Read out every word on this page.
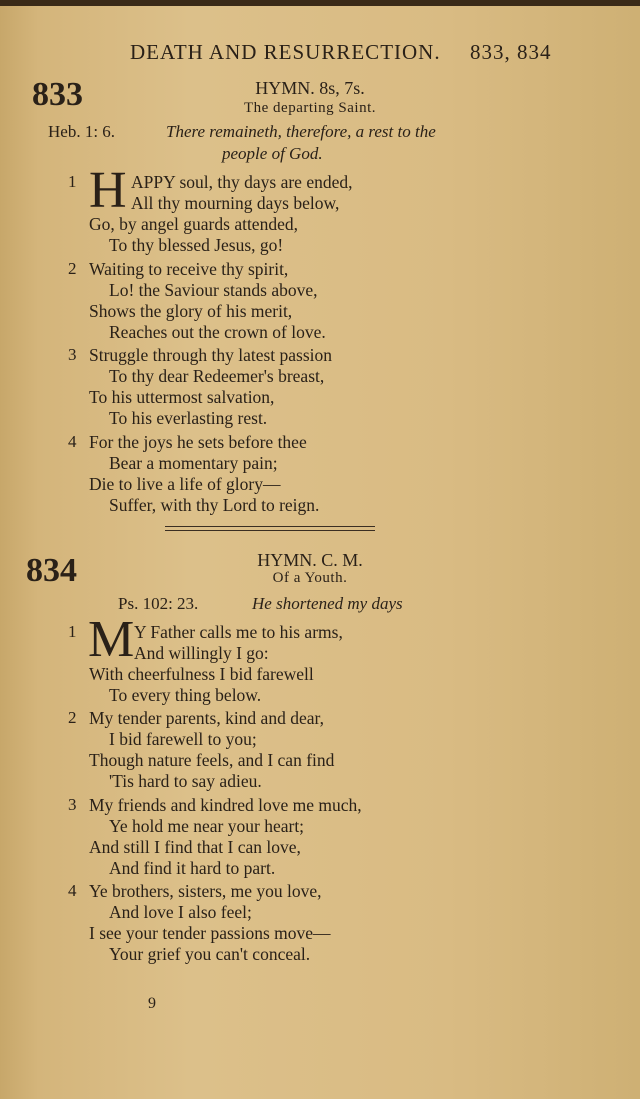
DEATH AND RESURRECTION. 833, 834
833	HYMN. 8s, 7s.
The departing Saint.
Heb. 1: 6.	There remaineth, therefore, a rest to the
people of God.
1 H APPY soul, thy days are ended,
All thy mourning days below,
Go, by angel guards attended,
To thy blessed Jesus, go!
2 Waiting to receive thy spirit,
Lo! the Saviour stands above,
Shows the glory of his merit,
Reaches out the crown of love.
3 Struggle through thy latest passion
To thy dear Redeemer's breast,
To his uttermost salvation,
To his everlasting rest.
4 For the joys he sets before thee
Bear a momentary pain;
Die to live a life of glory—
Suffer, with thy Lord to reign.
834	HYMN. C. M.
Of a Youth.
Ps. 102: 23.	He shortened my days
1 M Y Father calls me to his arms,
And willingly I go:
With cheerfulness I bid farewell
To every thing below.
2 My tender parents, kind and dear,
I bid farewell to you;
Though nature feels, and I can find
'Tis hard to say adieu.
3 My friends and kindred love me much,
Ye hold me near your heart;
And still I find that I can love,
And find it hard to part.
4 Ye brothers, sisters, me you love,
And love I also feel;
I see your tender passions move—
Your grief you can't conceal.
9
